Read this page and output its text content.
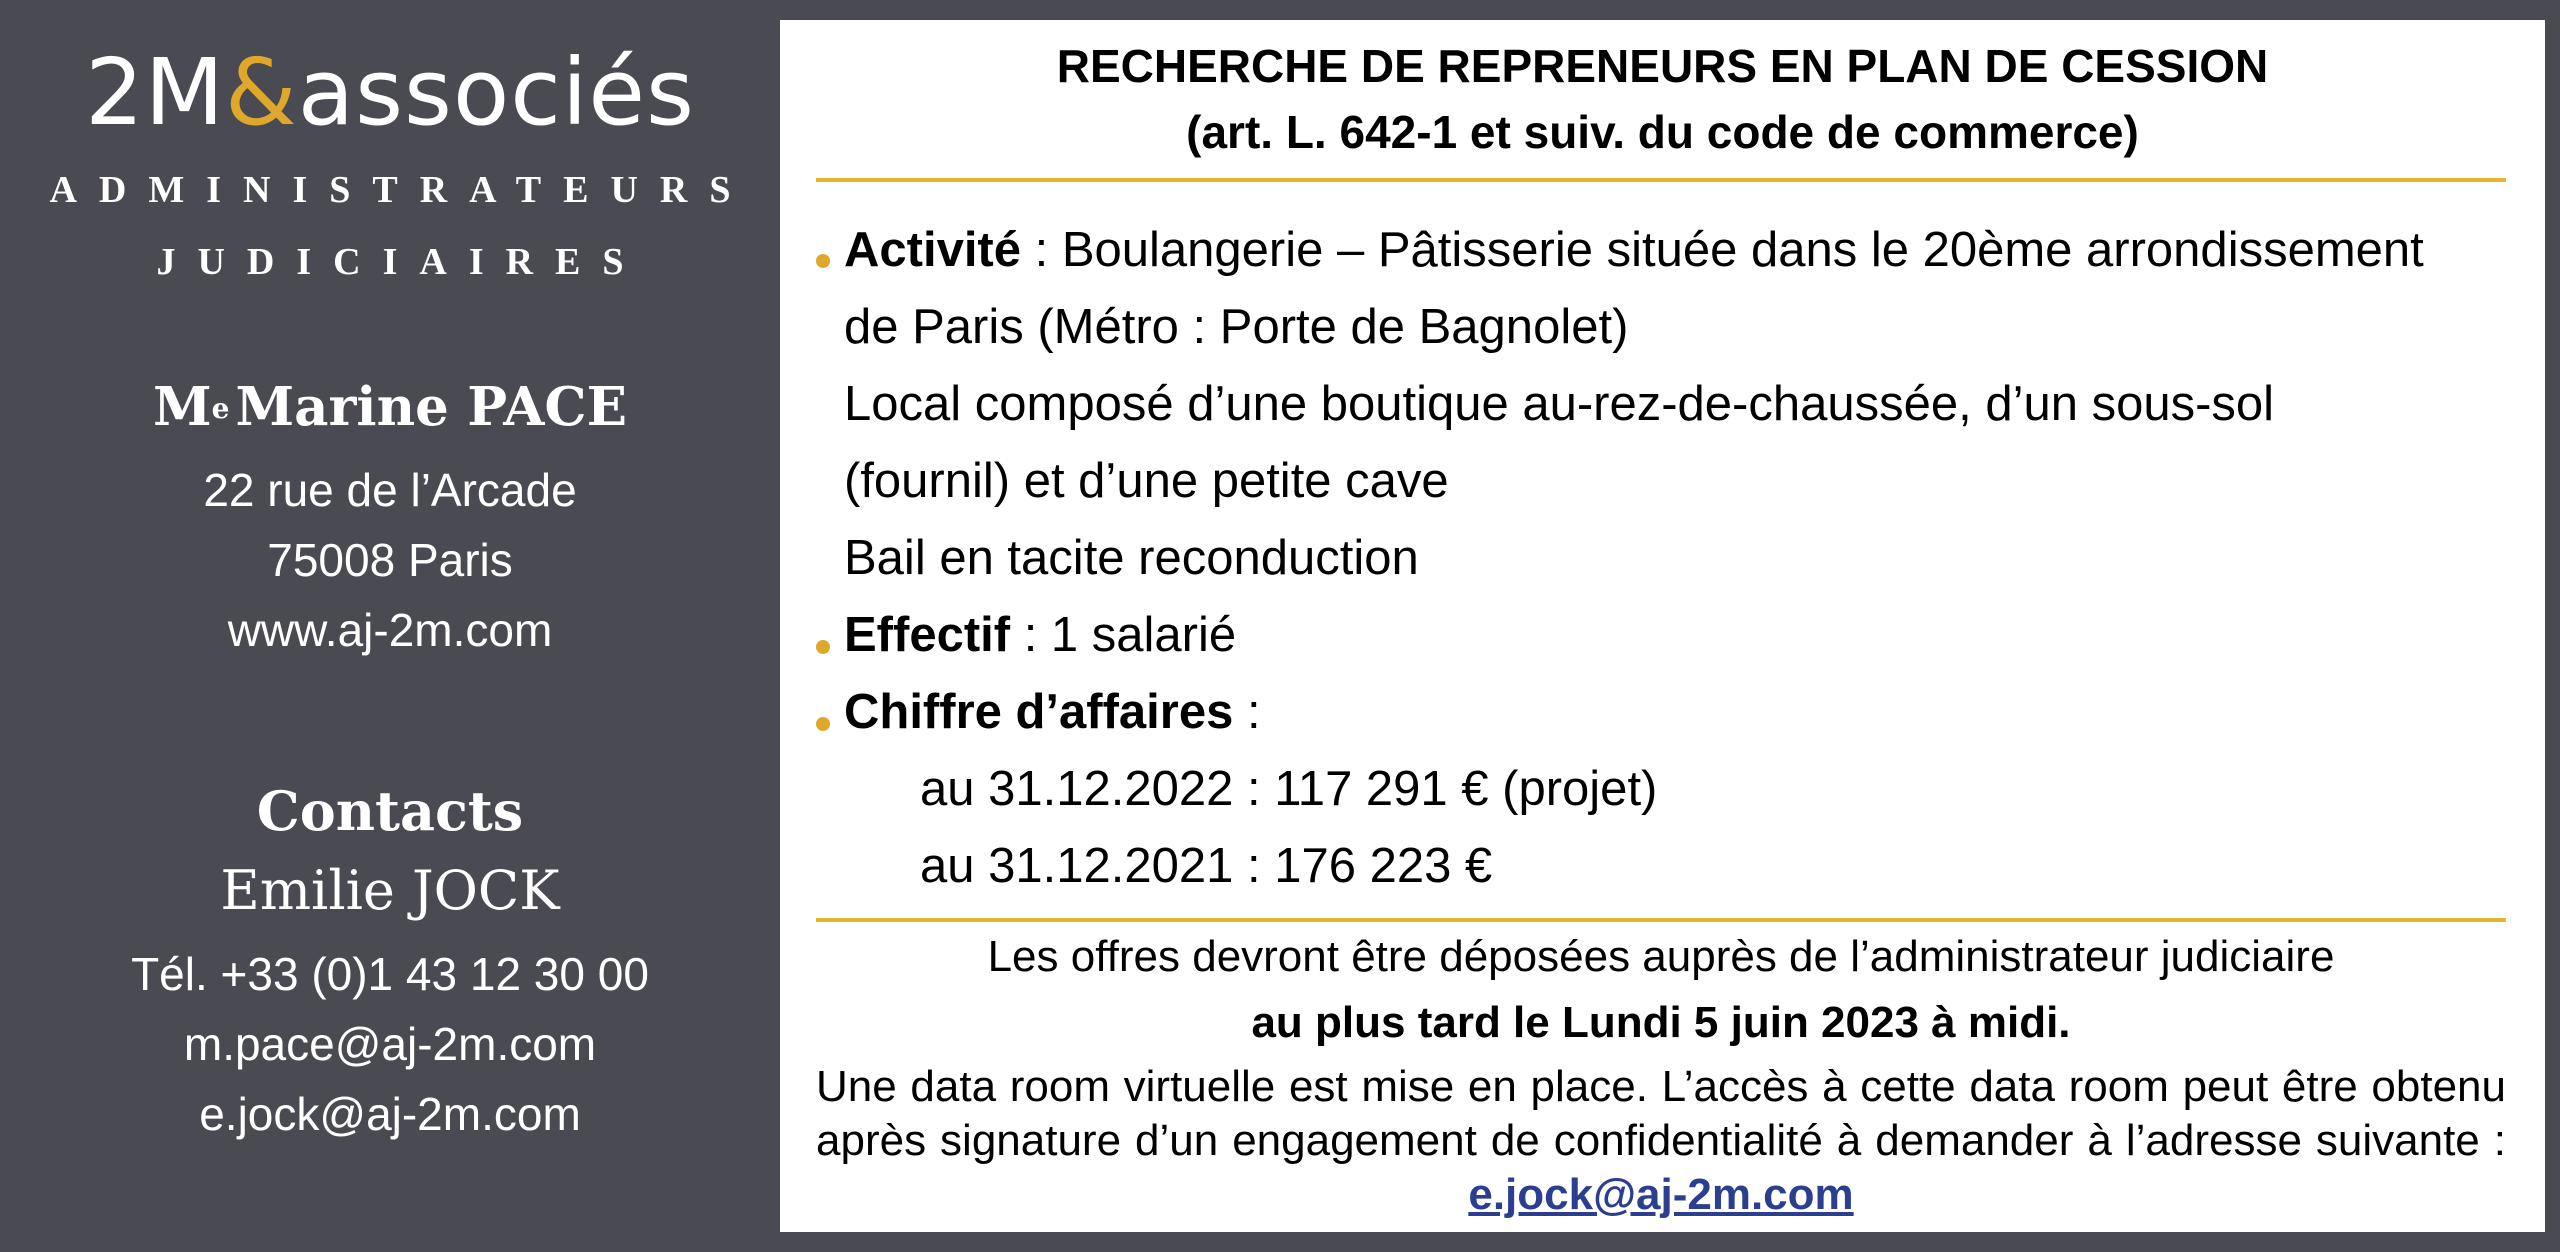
2M&associés
ADMINISTRATEURS
JUDICIAIRES
Me Marine PACE
22 rue de l’Arcade
75008 Paris
www.aj-2m.com
Contacts
Emilie JOCK
Tél. +33 (0)1 43 12 30 00
m.pace@aj-2m.com
e.jock@aj-2m.com
RECHERCHE DE REPRENEURS EN PLAN DE CESSION
(art. L. 642-1 et suiv. du code de commerce)
Activité : Boulangerie – Pâtisserie située dans le 20ème arrondissement
de Paris (Métro : Porte de Bagnolet)
Local composé d’une boutique au-rez-de-chaussée, d’un sous-sol
(fournil) et d’une petite cave
Bail en tacite reconduction
Effectif : 1 salarié
Chiffre d’affaires :
au 31.12.2022 : 117 291 € (projet)
au 31.12.2021 : 176 223 €
Les offres devront être déposées auprès de l’administrateur judiciaire
au plus tard le Lundi 5 juin 2023 à midi.
Une data room virtuelle est mise en place. L’accès à cette data room peut être obtenu après signature d’un engagement de confidentialité à demander à l’adresse suivante : e.jock@aj-2m.com
